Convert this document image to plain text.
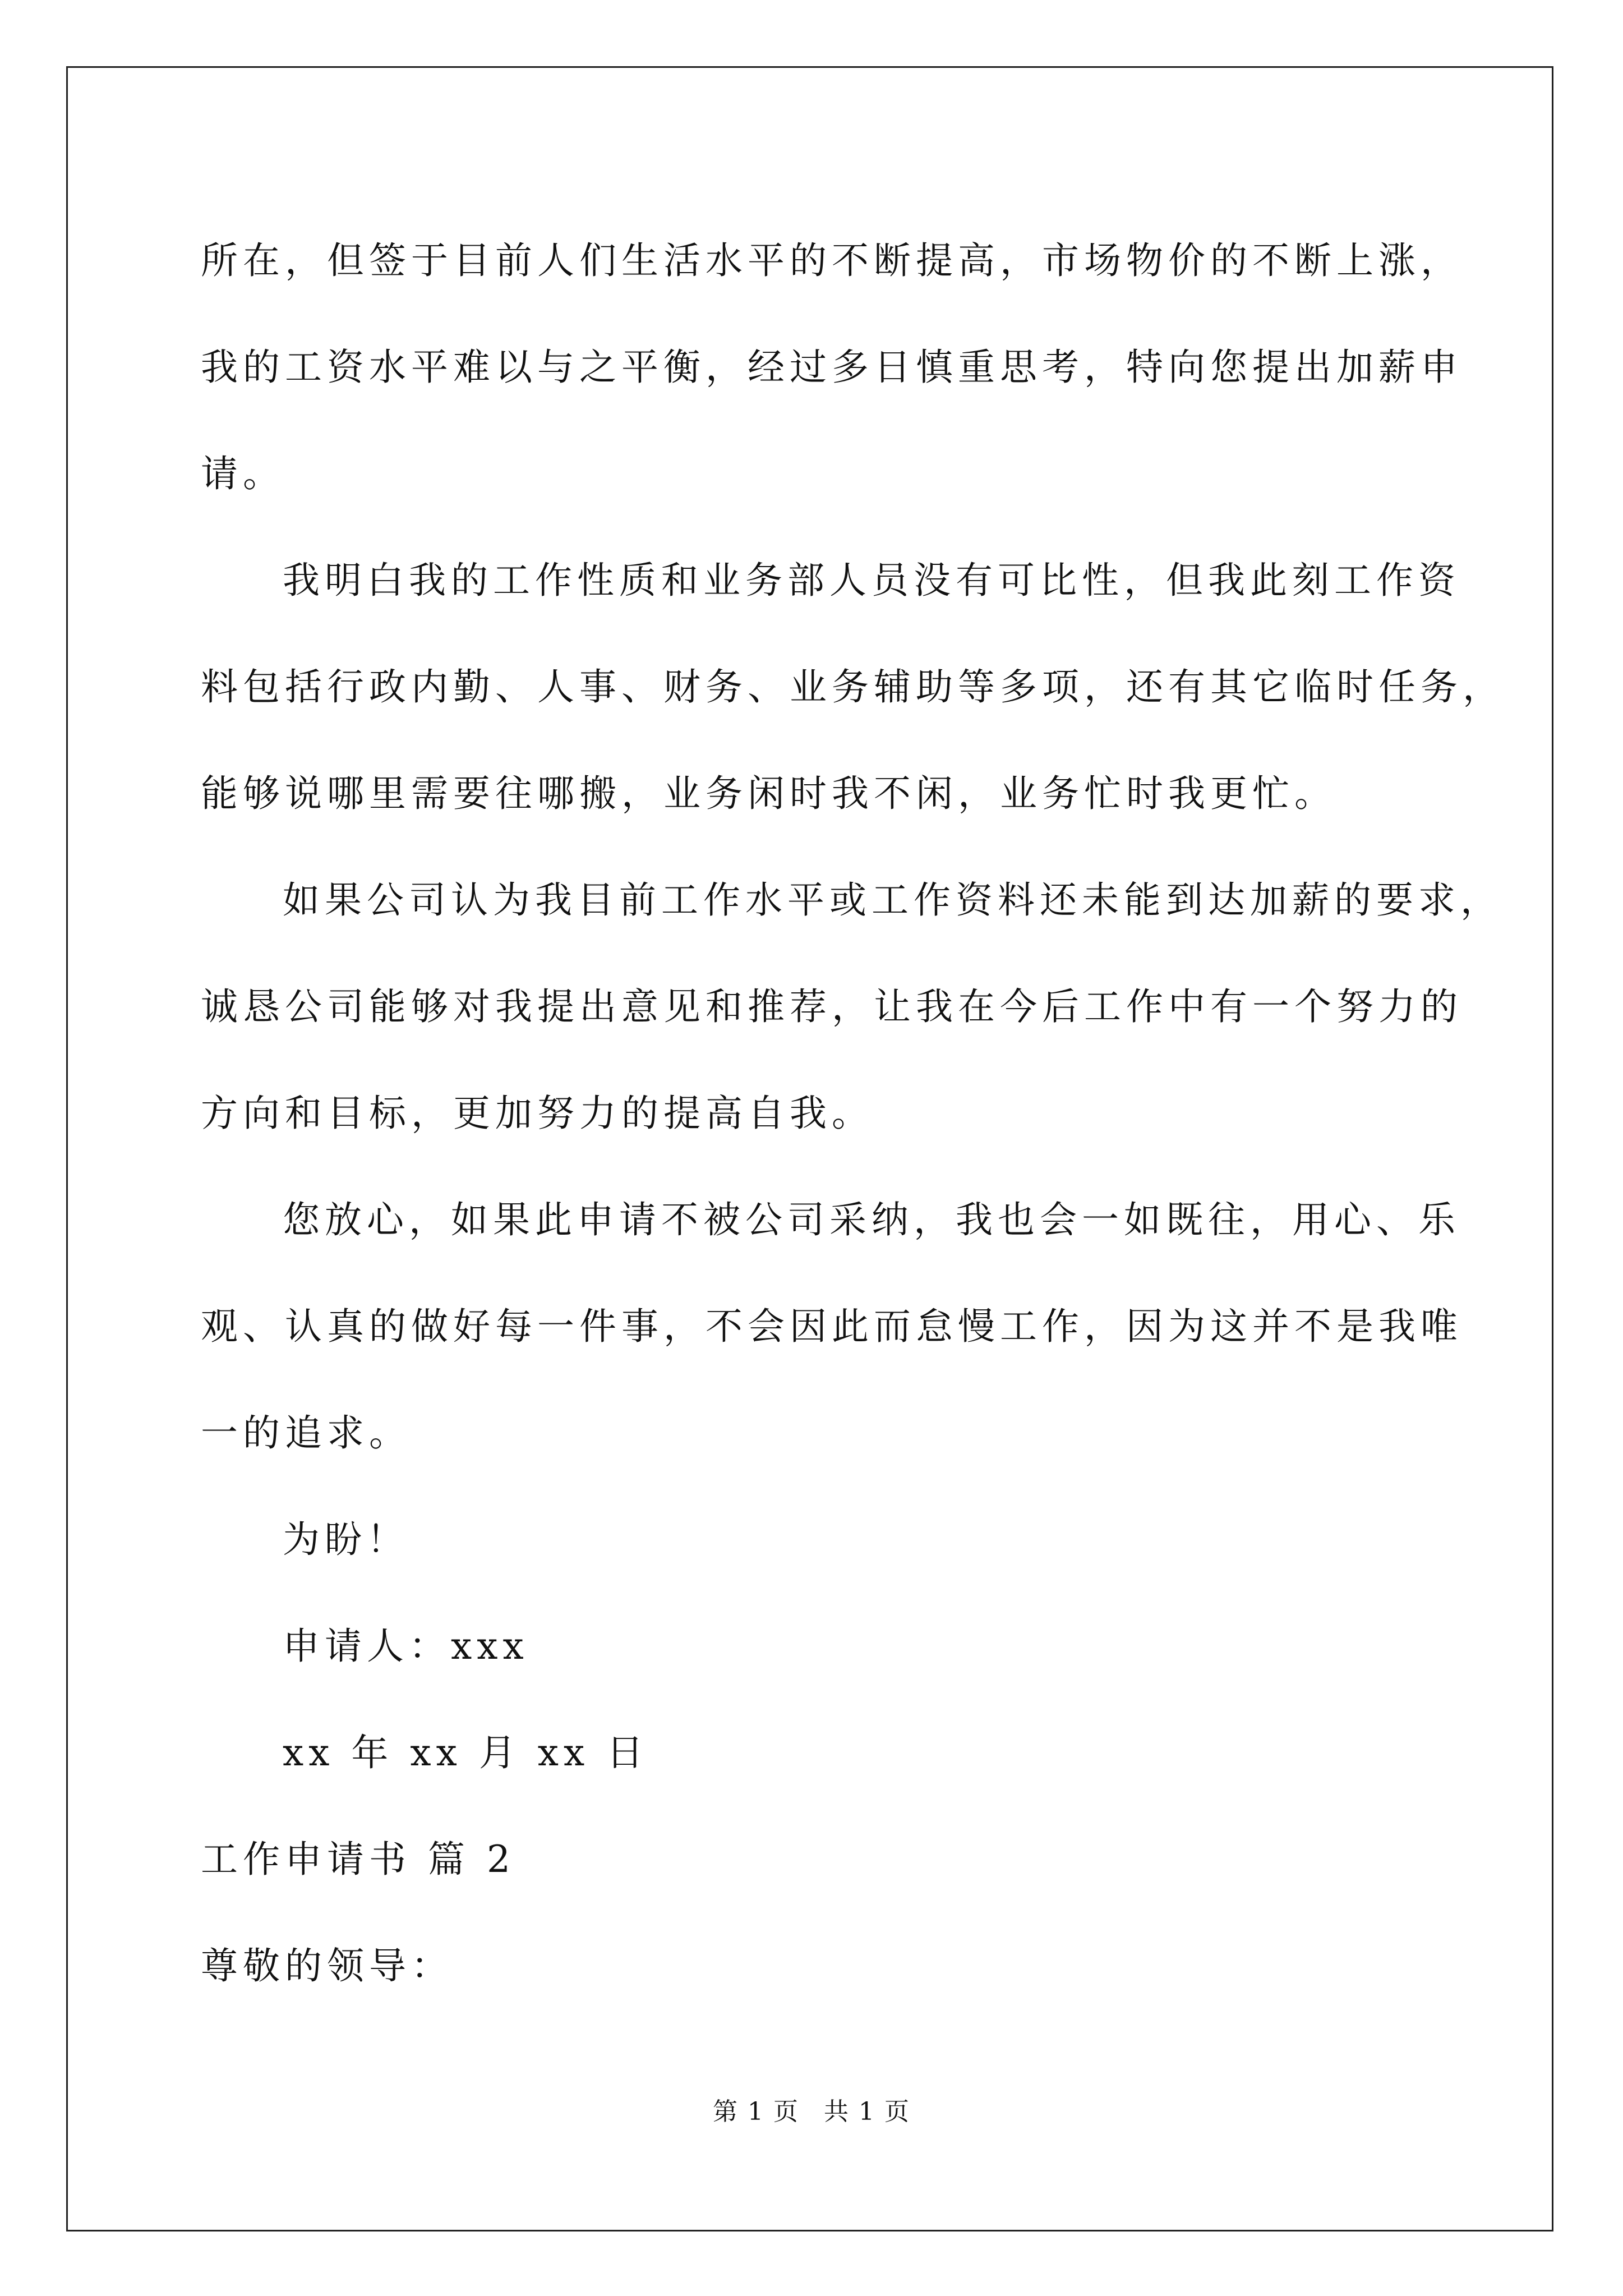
所在，但签于目前人们生活水平的不断提高，市场物价的不断上涨，
我的工资水平难以与之平衡，经过多日慎重思考，特向您提出加薪申
请。
我明白我的工作性质和业务部人员没有可比性，但我此刻工作资
料包括行政内勤、人事、财务、业务辅助等多项，还有其它临时任务，
能够说哪里需要往哪搬，业务闲时我不闲，业务忙时我更忙。
如果公司认为我目前工作水平或工作资料还未能到达加薪的要求，
诚恳公司能够对我提出意见和推荐，让我在今后工作中有一个努力的
方向和目标，更加努力的提高自我。
您放心，如果此申请不被公司采纳，我也会一如既往，用心、乐
观、认真的做好每一件事，不会因此而怠慢工作，因为这并不是我唯
一的追求。
为盼！
申请人：xxx
xx 年 xx 月 xx 日
工作申请书 篇 2
尊敬的领导：
第 1 页 共 1 页
